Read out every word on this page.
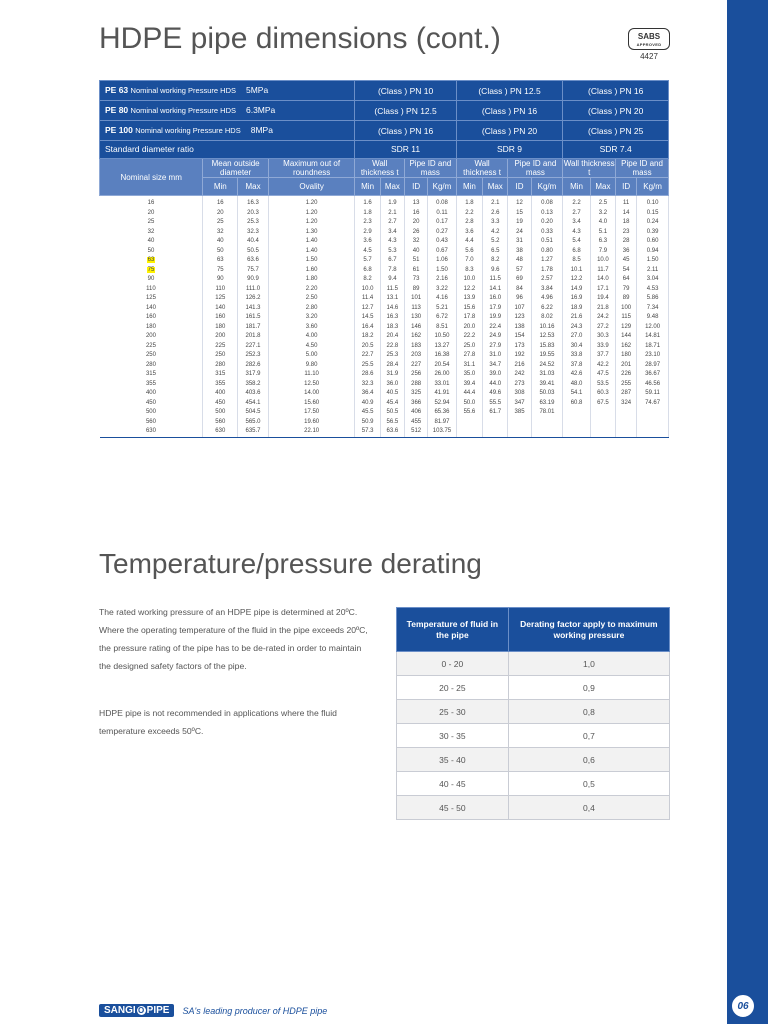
06
HDPE pipe dimensions (cont.)	SABS
APPROVED
4427
PE 63 Nominal working Pressure HDS 5MPa				(Class ) PN 10				(Class ) PN 12.5				(Class ) PN 16			
PE 80 Nominal working Pressure HDS 6.3MPa				(Class ) PN 12.5				(Class ) PN 16				(Class ) PN 20			
PE 100 Nominal working Pressure HDS 8MPa				(Class ) PN 16				(Class ) PN 20				(Class ) PN 25			
Standard diameter ratio				SDR 11				SDR 9				SDR 7.4			
Nominal size mm	Mean outside diameter		Maximum out of roundness	Wall thickness t		Pipe ID and mass		Wall thickness t		Pipe ID and mass		Wall thickness t		Pipe ID and mass	
	Min	Max	Ovality	Min	Max	ID	Kg/m	Min	Max	ID	Kg/m	Min	Max	ID	Kg/m
16	16	16.3	1.20	1.6	1.9	13	0.08	1.8	2.1	12	0.08	2.2	2.5	11	0.10
20	20	20.3	1.20	1.8	2.1	16	0.11	2.2	2.6	15	0.13	2.7	3.2	14	0.15
25	25	25.3	1.20	2.3	2.7	20	0.17	2.8	3.3	19	0.20	3.4	4.0	18	0.24
32	32	32.3	1.30	2.9	3.4	26	0.27	3.6	4.2	24	0.33	4.3	5.1	23	0.39
40	40	40.4	1.40	3.6	4.3	32	0.43	4.4	5.2	31	0.51	5.4	6.3	28	0.60
50	50	50.5	1.40	4.5	5.3	40	0.67	5.6	6.5	38	0.80	6.8	7.9	36	0.94
63	63	63.6	1.50	5.7	6.7	51	1.06	7.0	8.2	48	1.27	8.5	10.0	45	1.50
75	75	75.7	1.60	6.8	7.8	61	1.50	8.3	9.6	57	1.78	10.1	11.7	54	2.11
90	90	90.9	1.80	8.2	9.4	73	2.16	10.0	11.5	69	2.57	12.2	14.0	64	3.04
110	110	111.0	2.20	10.0	11.5	89	3.22	12.2	14.1	84	3.84	14.9	17.1	79	4.53
125	125	126.2	2.50	11.4	13.1	101	4.16	13.9	16.0	96	4.96	16.9	19.4	89	5.86
140	140	141.3	2.80	12.7	14.6	113	5.21	15.6	17.9	107	6.22	18.9	21.8	100	7.34
160	160	161.5	3.20	14.5	16.3	130	6.72	17.8	19.9	123	8.02	21.6	24.2	115	9.48
180	180	181.7	3.60	16.4	18.3	146	8.51	20.0	22.4	138	10.16	24.3	27.2	129	12.00
200	200	201.8	4.00	18.2	20.4	162	10.50	22.2	24.9	154	12.53	27.0	30.3	144	14.81
225	225	227.1	4.50	20.5	22.8	183	13.27	25.0	27.9	173	15.83	30.4	33.9	162	18.71
250	250	252.3	5.00	22.7	25.3	203	16.38	27.8	31.0	192	19.55	33.8	37.7	180	23.10
280	280	282.6	9.80	25.5	28.4	227	20.54	31.1	34.7	216	24.52	37.8	42.2	201	28.97
315	315	317.9	11.10	28.6	31.9	256	26.00	35.0	39.0	242	31.03	42.6	47.5	226	36.67
355	355	358.2	12.50	32.3	36.0	288	33.01	39.4	44.0	273	39.41	48.0	53.5	255	46.56
400	400	403.6	14.00	36.4	40.5	325	41.91	44.4	49.6	308	50.03	54.1	60.3	287	59.11
450	450	454.1	15.60	40.9	45.4	366	52.94	50.0	55.5	347	63.19	60.8	67.5	324	74.67
500	500	504.5	17.50	45.5	50.5	406	65.36	55.6	61.7	385	78.01				
560	560	565.0	19.60	50.9	56.5	455	81.97								
630	630	635.7	22.10	57.3	63.6	512	103.75								
Temperature/pressure derating

The rated working pressure of an HDPE pipe is determined at 20ºC. Where the operating temperature of the fluid in the pipe exceeds 20ºC, the pressure rating of the pipe has to be de-rated in order to maintain the designed safety factors of the pipe.

HDPE pipe is not recommended in applications where the fluid temperature exceeds 50ºC.

Temperature of fluid in the pipe	Derating factor apply to maximum working pressure
0 - 20	1,0
20 - 25	0,9
25 - 30	0,8
30 - 35	0,7
35 - 40	0,6
40 - 45	0,5
45 - 50	0,4
SANGI O PIPE SA's leading producer of HDPE pipe
